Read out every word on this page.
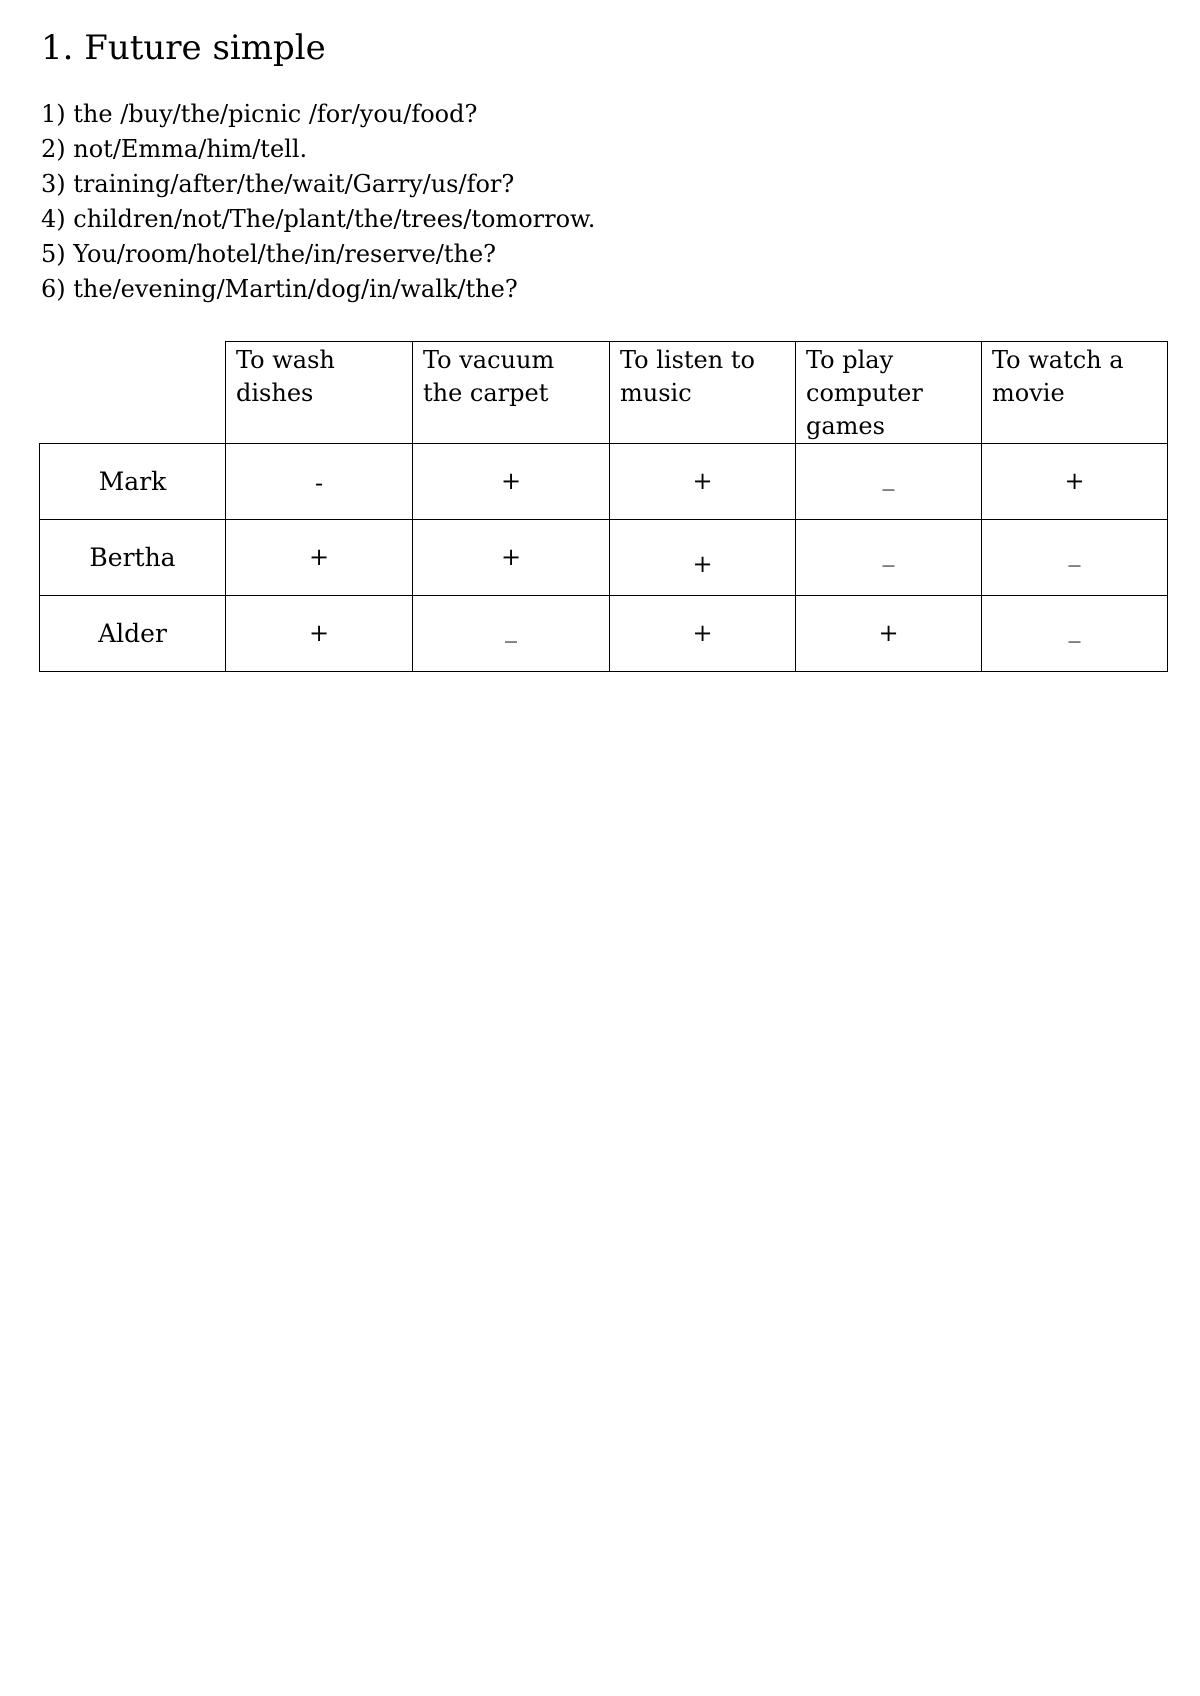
1. Future simple
1) the /buy/the/picnic /for/you/food?
2) not/Emma/him/tell.
3) training/after/the/wait/Garry/us/for?
4) children/not/The/plant/the/trees/tomorrow.
5) You/room/hotel/the/in/reserve/the?
6) the/evening/Martin/dog/in/walk/the?
	To wash dishes	To vacuum the carpet	To listen to music	To play computer games	To watch a movie
Mark	-	+	+	_	+
Bertha	+	+	+	_	_
Alder	+	_	+	+	_
